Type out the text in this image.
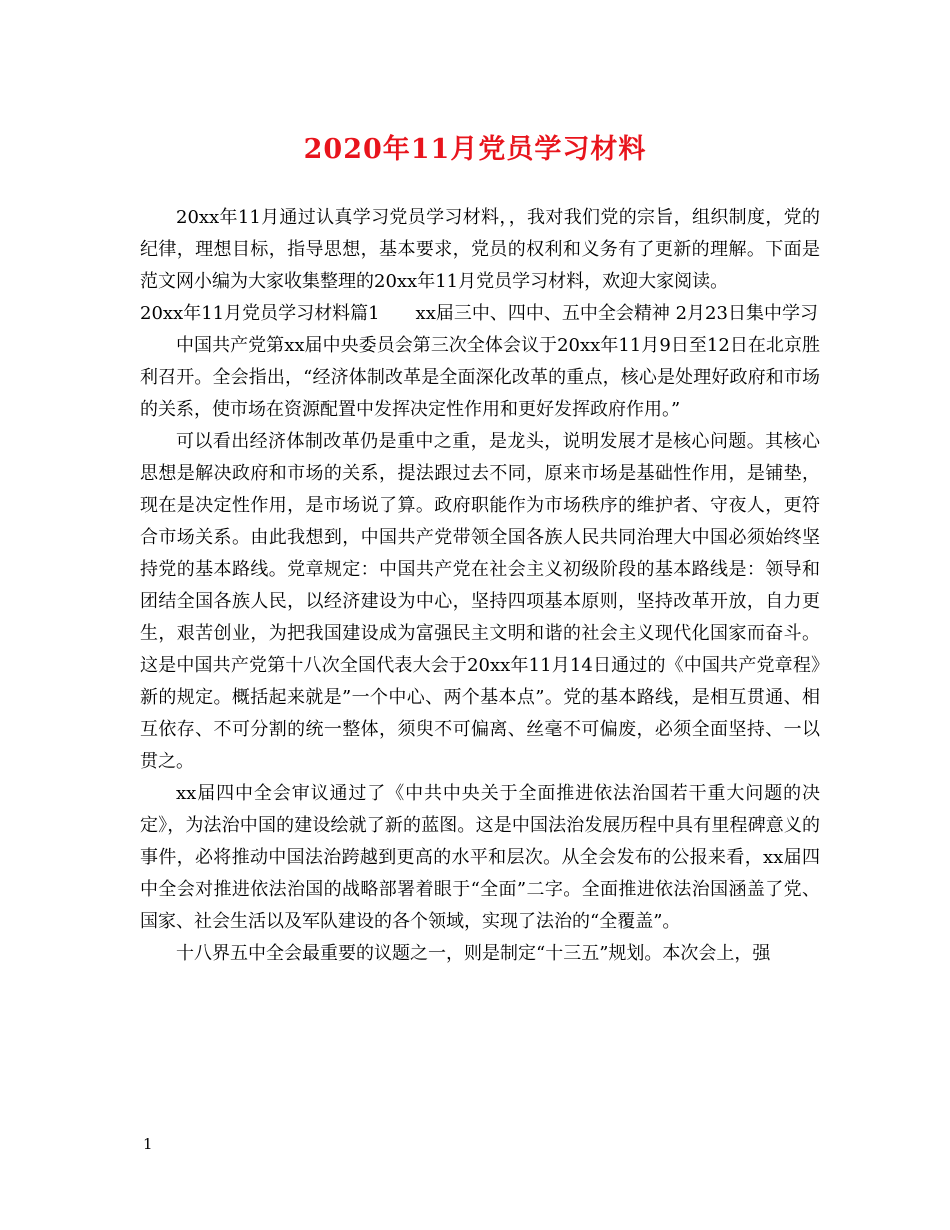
2020年11月党员学习材料

20xx年11月通过认真学习党员学习材料，，我对我们党的宗旨，组织制度，党的纪律，理想目标，指导思想，基本要求，党员的权利和义务有了更新的理解。下面是范文网小编为大家收集整理的20xx年11月党员学习材料，欢迎大家阅读。

20xx年11月党员学习材料篇1　　xx届三中、四中、五中全会精神 2月23日集中学习

中国共产党第xx届中央委员会第三次全体会议于20xx年11月9日至12日在北京胜利召开。全会指出，“经济体制改革是全面深化改革的重点，核心是处理好政府和市场的关系，使市场在资源配置中发挥决定性作用和更好发挥政府作用。”

可以看出经济体制改革仍是重中之重，是龙头，说明发展才是核心问题。其核心思想是解决政府和市场的关系，提法跟过去不同，原来市场是基础性作用，是铺垫，现在是决定性作用，是市场说了算。政府职能作为市场秩序的维护者、守夜人，更符合市场关系。由此我想到，中国共产党带领全国各族人民共同治理大中国必须始终坚持党的基本路线。党章规定：中国共产党在社会主义初级阶段的基本路线是：领导和团结全国各族人民，以经济建设为中心，坚持四项基本原则，坚持改革开放，自力更生，艰苦创业，为把我国建设成为富强民主文明和谐的社会主义现代化国家而奋斗。这是中国共产党第十八次全国代表大会于20xx年11月14日通过的《中国共产党章程》新的规定。概括起来就是”一个中心、两个基本点”。党的基本路线，是相互贯通、相互依存、不可分割的统一整体，须臾不可偏离、丝毫不可偏废，必须全面坚持、一以贯之。

xx届四中全会审议通过了《中共中央关于全面推进依法治国若干重大问题的决定》，为法治中国的建设绘就了新的蓝图。这是中国法治发展历程中具有里程碑意义的事件，必将推动中国法治跨越到更高的水平和层次。从全会发布的公报来看，xx届四中全会对推进依法治国的战略部署着眼于“全面”二字。全面推进依法治国涵盖了党、国家、社会生活以及军队建设的各个领域，实现了法治的“全覆盖”。

十八界五中全会最重要的议题之一，则是制定“十三五”规划。本次会上，强

1
